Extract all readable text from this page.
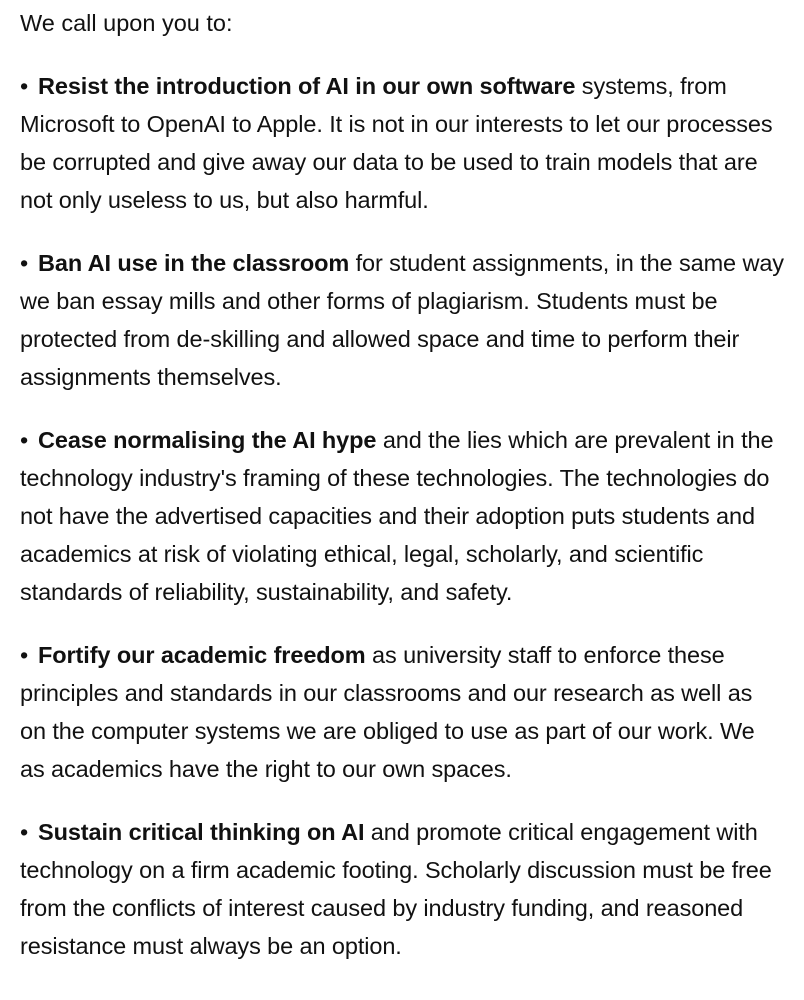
We call upon you to:

• Resist the introduction of AI in our own software systems, from Microsoft to OpenAI to Apple. It is not in our interests to let our processes be corrupted and give away our data to be used to train models that are not only useless to us, but also harmful.

• Ban AI use in the classroom for student assignments, in the same way we ban essay mills and other forms of plagiarism. Students must be protected from de-skilling and allowed space and time to perform their assignments themselves.

• Cease normalising the AI hype and the lies which are prevalent in the technology industry's framing of these technologies. The technologies do not have the advertised capacities and their adoption puts students and academics at risk of violating ethical, legal, scholarly, and scientific standards of reliability, sustainability, and safety.

• Fortify our academic freedom as university staff to enforce these principles and standards in our classrooms and our research as well as on the computer systems we are obliged to use as part of our work. We as academics have the right to our own spaces.

• Sustain critical thinking on AI and promote critical engagement with technology on a firm academic footing. Scholarly discussion must be free from the conflicts of interest caused by industry funding, and reasoned resistance must always be an option.
